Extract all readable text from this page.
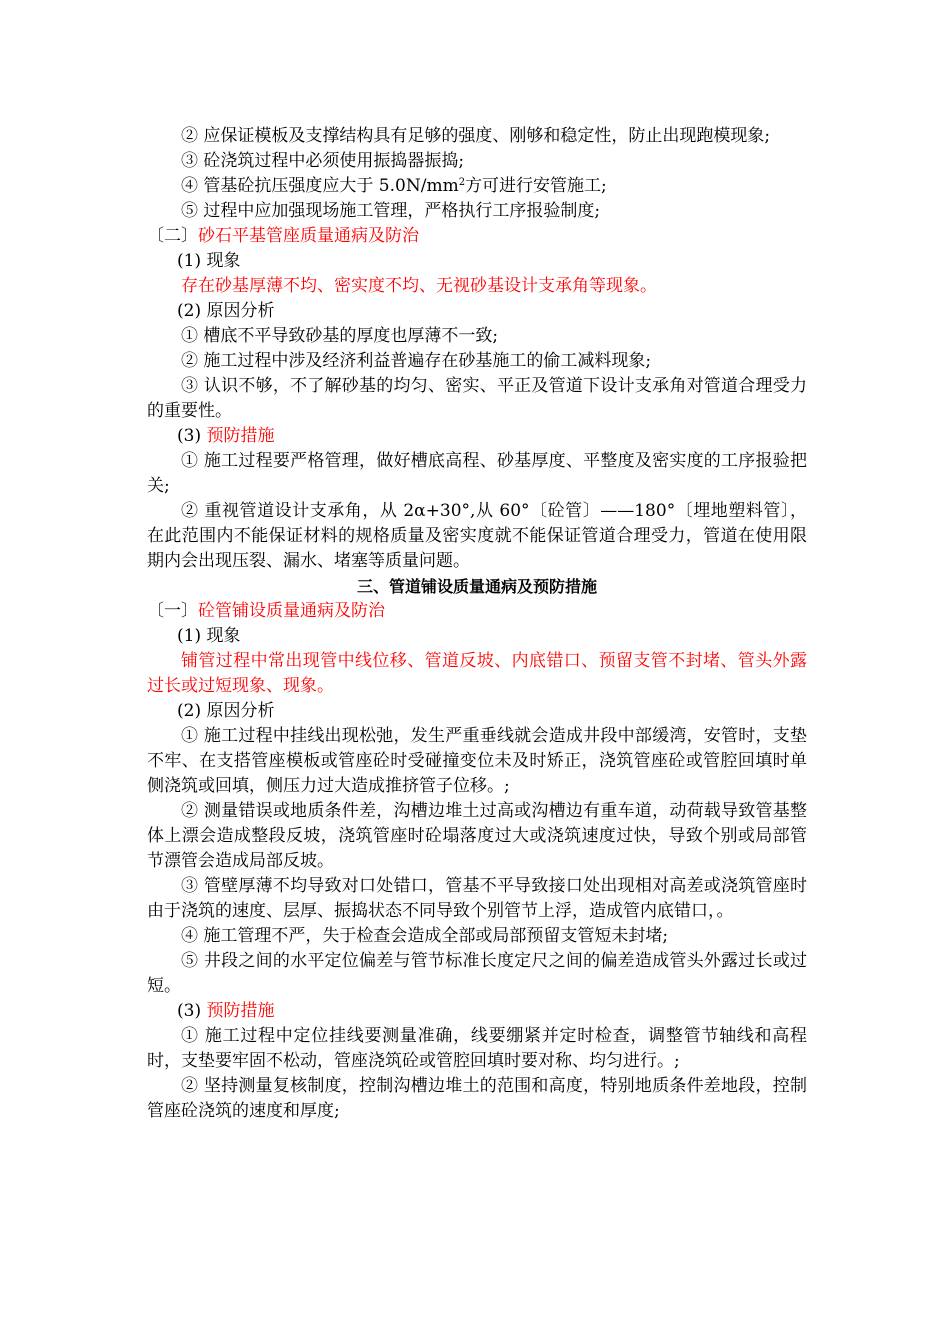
② 应保证模板及支撑结构具有足够的强度、刚够和稳定性，防止出现跑模现象;

③ 砼浇筑过程中必须使用振捣器振捣;

④ 管基砼抗压强度应大于 $5.0N/mm^2$方可进行安管施工;

⑤ 过程中应加强现场施工管理，严格执行工序报验制度;

〔二〕砂石平基管座质量通病及防治

(1) 现象

存在砂基厚薄不均、密实度不均、无视砂基设计支承角等现象。

(2) 原因分析

① 槽底不平导致砂基的厚度也厚薄不一致;

② 施工过程中涉及经济利益普遍存在砂基施工的偷工减料现象;

③ 认识不够，不了解砂基的均匀、密实、平正及管道下设计支承角对管道合理受力的重要性。

(3) 预防措施

① 施工过程要严格管理，做好槽底高程、砂基厚度、平整度及密实度的工序报验把关;

② 重视管道设计支承角，从 2α+30°,从 60°〔砼管〕——180°〔埋地塑料管〕，在此范围内不能保证材料的规格质量及密实度就不能保证管道合理受力，管道在使用限期内会出现压裂、漏水、堵塞等质量问题。

三、管道铺设质量通病及预防措施

〔一〕砼管铺设质量通病及防治

(1) 现象

铺管过程中常出现管中线位移、管道反坡、内底错口、预留支管不封堵、管头外露过长或过短现象、现象。

(2) 原因分析

① 施工过程中挂线出现松弛，发生严重垂线就会造成井段中部缓湾，安管时，支垫不牢、在支搭管座模板或管座砼时受碰撞变位未及时矫正，浇筑管座砼或管腔回填时单侧浇筑或回填，侧压力过大造成推挤管子位移。;

② 测量错误或地质条件差，沟槽边堆土过高或沟槽边有重车道，动荷载导致管基整体上漂会造成整段反坡，浇筑管座时砼塌落度过大或浇筑速度过快，导致个别或局部管节漂管会造成局部反坡。

③ 管壁厚薄不均导致对口处错口，管基不平导致接口处出现相对高差或浇筑管座时由于浇筑的速度、层厚、振捣状态不同导致个别管节上浮，造成管内底错口，。

④ 施工管理不严，失于检查会造成全部或局部预留支管短未封堵;

⑤ 井段之间的水平定位偏差与管节标准长度定尺之间的偏差造成管头外露过长或过短。

(3) 预防措施

① 施工过程中定位挂线要测量准确，线要绷紧并定时检查，调整管节轴线和高程时，支垫要牢固不松动，管座浇筑砼或管腔回填时要对称、均匀进行。;

② 坚持测量复核制度，控制沟槽边堆土的范围和高度，特别地质条件差地段，控制管座砼浇筑的速度和厚度;
